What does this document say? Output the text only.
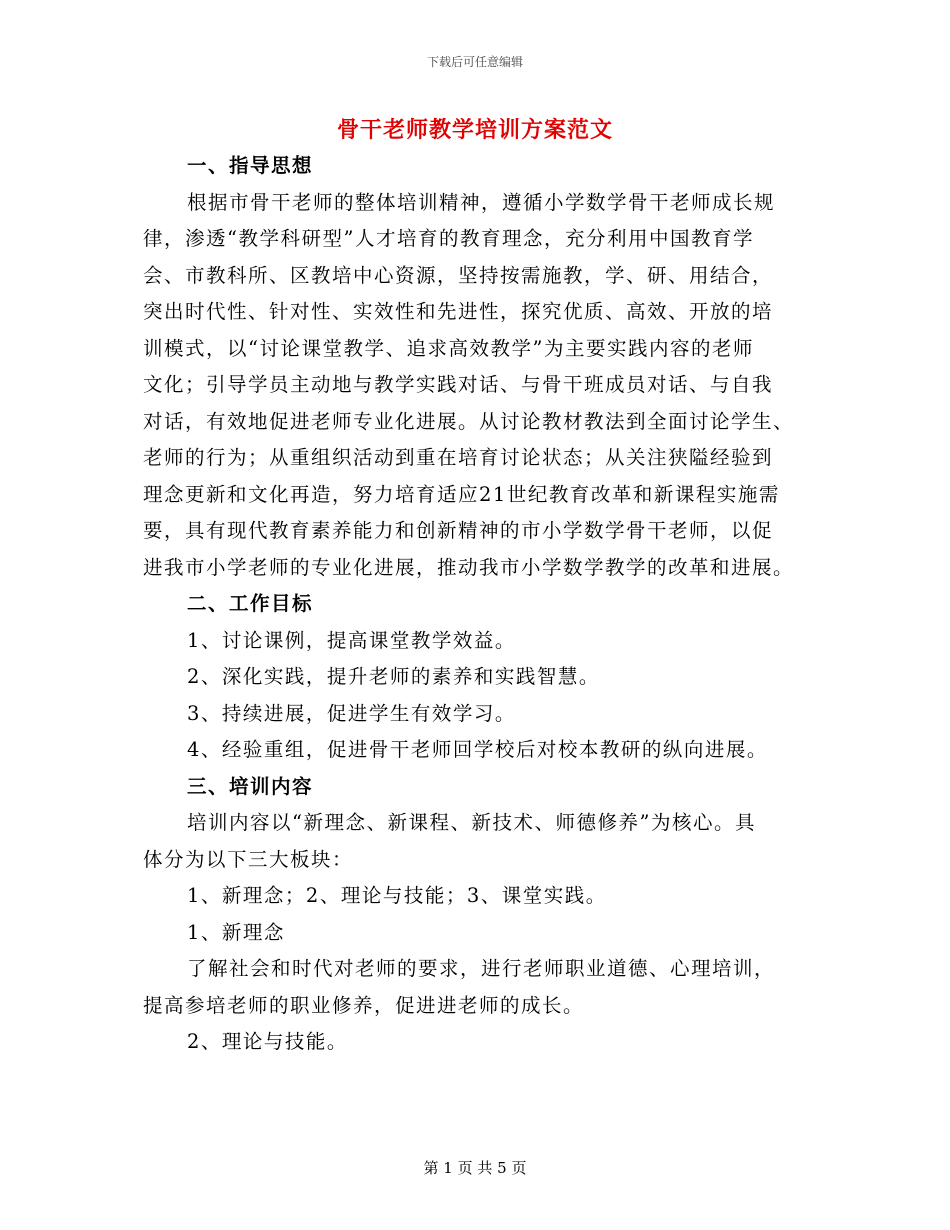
下载后可任意编辑
骨干老师教学培训方案范文
一、指导思想
根据市骨干老师的整体培训精神，遵循小学数学骨干老师成长规
律，渗透“教学科研型”人才培育的教育理念，充分利用中国教育学
会、市教科所、区教培中心资源，坚持按需施教，学、研、用结合，
突出时代性、针对性、实效性和先进性，探究优质、高效、开放的培
训模式，以“讨论课堂教学、追求高效教学”为主要实践内容的老师
文化；引导学员主动地与教学实践对话、与骨干班成员对话、与自我
对话，有效地促进老师专业化进展。从讨论教材教法到全面讨论学生、
老师的行为；从重组织活动到重在培育讨论状态；从关注狭隘经验到
理念更新和文化再造，努力培育适应21世纪教育改革和新课程实施需
要，具有现代教育素养能力和创新精神的市小学数学骨干老师，以促
进我市小学老师的专业化进展，推动我市小学数学教学的改革和进展。
二、工作目标
1、讨论课例，提高课堂教学效益。
2、深化实践，提升老师的素养和实践智慧。
3、持续进展，促进学生有效学习。
4、经验重组，促进骨干老师回学校后对校本教研的纵向进展。
三、培训内容
培训内容以“新理念、新课程、新技术、师德修养”为核心。具
体分为以下三大板块：
1、新理念；2、理论与技能；3、课堂实践。
1、新理念
了解社会和时代对老师的要求，进行老师职业道德、心理培训，
提高参培老师的职业修养，促进进老师的成长。
2、理论与技能。
第 1 页 共 5 页
